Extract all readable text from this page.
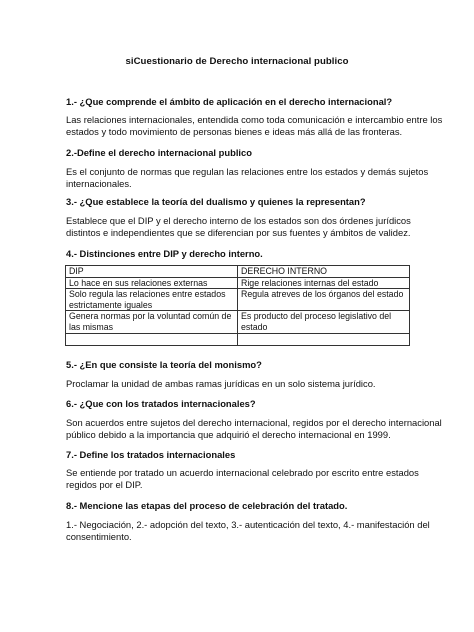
siCuestionario de Derecho internacional publico
1.- ¿Que comprende el ámbito de aplicación en el derecho internacional?
Las relaciones internacionales, entendida como toda comunicación e intercambio entre los
estados y todo movimiento de personas bienes e ideas más allá de las fronteras.
2.-Define el derecho internacional publico
Es el conjunto de normas que regulan las relaciones entre los estados y demás sujetos
internacionales.
3.- ¿Que establece la teoría del dualismo y quienes la representan?
Establece que el DIP y el derecho interno de los estados son dos órdenes jurídicos
distintos e independientes que se diferencian por sus fuentes y ámbitos de validez.
4.- Distinciones entre DIP y derecho interno.
DIP	DERECHO INTERNO
Lo hace en sus relaciones externas	Rige relaciones internas del estado
Solo regula las relaciones entre estados estrictamente iguales	Regula atreves de los órganos del estado
Genera normas por la voluntad común de las mismas	Es producto del proceso legislativo del estado

5.- ¿En que consiste la teoría del monismo?
Proclamar la unidad de ambas ramas jurídicas en un solo sistema jurídico.
6.- ¿Que con los tratados internacionales?
Son acuerdos entre sujetos del derecho internacional, regidos por el derecho internacional
público debido a la importancia que adquirió el derecho internacional en 1999.
7.- Define los tratados internacionales
Se entiende por tratado un acuerdo internacional celebrado por escrito entre estados
regidos por el DIP.
8.- Mencione las etapas del proceso de celebración del tratado.
1.- Negociación, 2.- adopción del texto, 3.- autenticación del texto, 4.- manifestación del
consentimiento.
